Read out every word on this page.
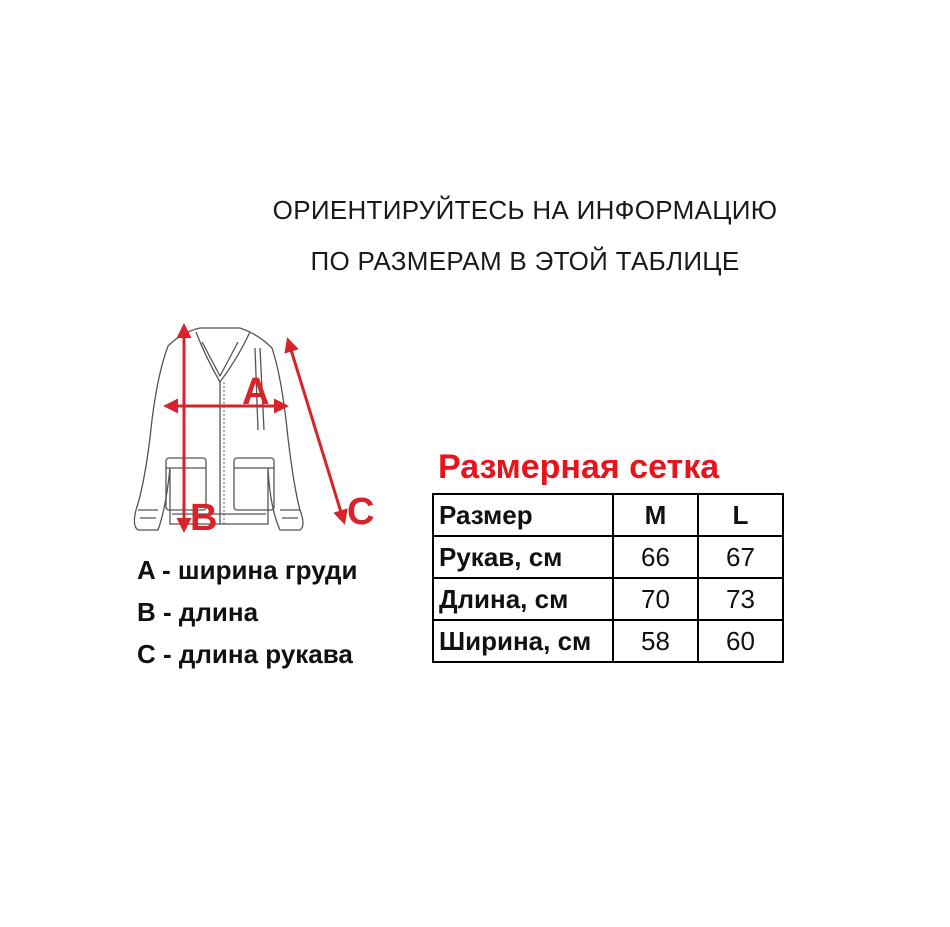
ОРИЕНТИРУЙТЕСЬ НА ИНФОРМАЦИЮ
ПО РАЗМЕРАМ В ЭТОЙ ТАБЛИЦЕ
A
B	C
A - ширина груди
B - длина
C - длина рукава
Размерная сетка
Размер	M	L
Рукав, см	66	67
Длина, см	70	73
Ширина, см	58	60
